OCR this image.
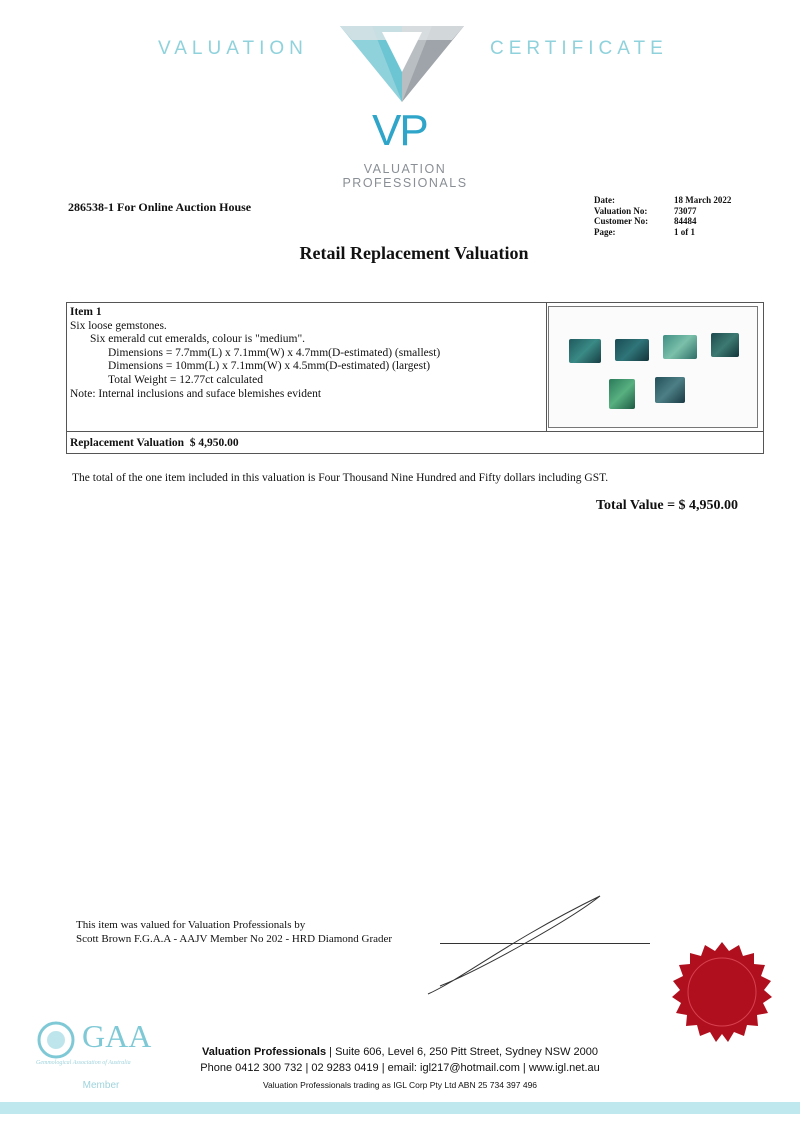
VALUATION	CERTIFICATE
VP
VALUATION
PROFESSIONALS
286538-1 For Online Auction House	Date:	18 March 2022
Valuation No:	73077
Customer No:	84484
Page:	1 of 1
Retail Replacement Valuation
Item 1
Six loose gemstones.
Six emerald cut emeralds, colour is "medium".
Dimensions = 7.7mm(L) x 7.1mm(W) x 4.7mm(D-estimated) (smallest)
Dimensions = 10mm(L) x 7.1mm(W) x 4.5mm(D-estimated) (largest)
Total Weight = 12.77ct calculated
Note: Internal inclusions and suface blemishes evident
Replacement Valuation $ 4,950.00
The total of the one item included in this valuation is Four Thousand Nine Hundred and Fifty dollars including GST.
Total Value = $ 4,950.00
This item was valued for Valuation Professionals by
Scott Brown F.G.A.A - AAJV Member No 202 - HRD Diamond Grader
GAA
Gemmological Association of Australia
Member
Valuation Professionals | Suite 606, Level 6, 250 Pitt Street, Sydney NSW 2000
Phone 0412 300 732 | 02 9283 0419 | email: igl217@hotmail.com | www.igl.net.au
Valuation Professionals trading as IGL Corp Pty Ltd ABN 25 734 397 496
